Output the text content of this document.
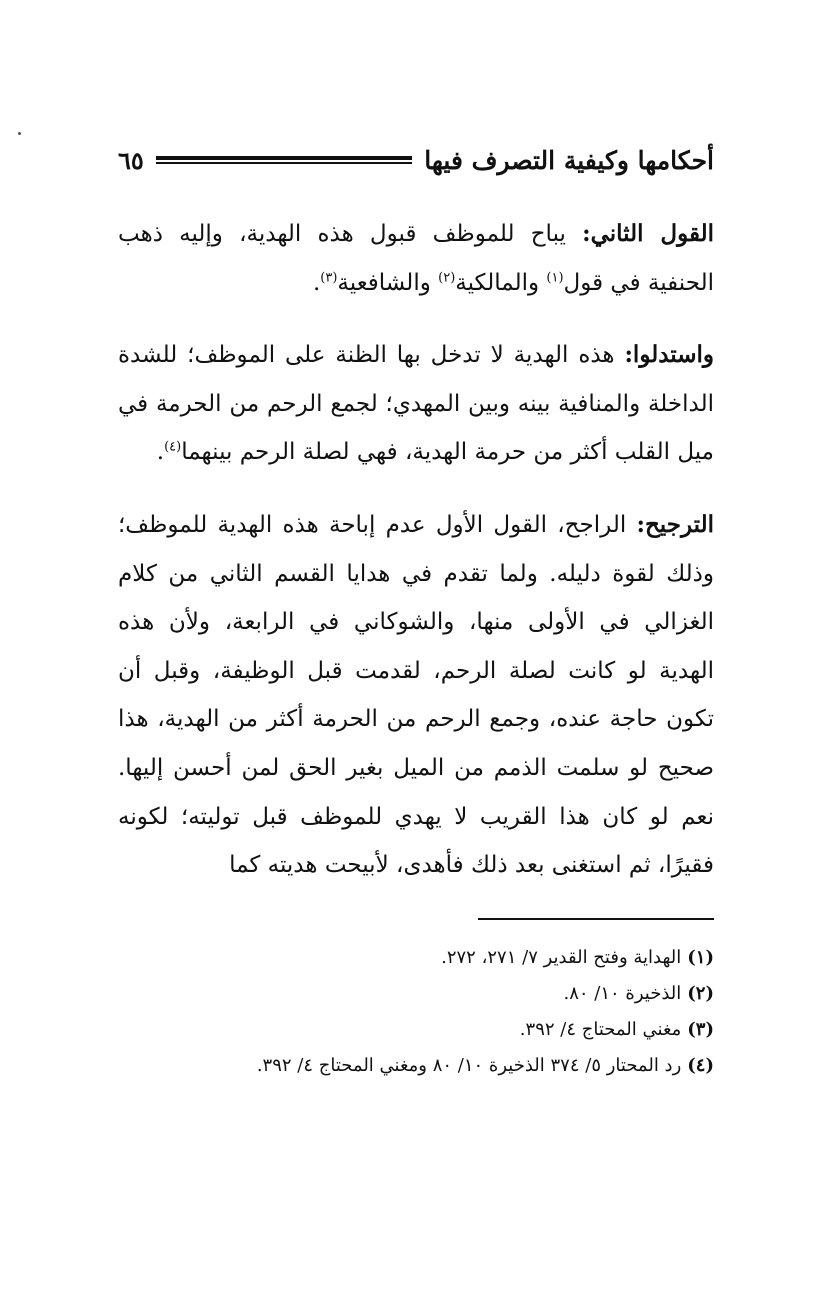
أحكامها وكيفية التصرف فيها
٦٥

القول الثاني: يباح للموظف قبول هذه الهدية، وإليه ذهب الحنفية في قول$^{(١)}$ والمالكية$^{(٢)}$ والشافعية$^{(٣)}$.

واستدلوا: هذه الهدية لا تدخل بها الظنة على الموظف؛ للشدة الداخلة والمنافية بينه وبين المهدي؛ لجمع الرحم من الحرمة في ميل القلب أكثر من حرمة الهدية، فهي لصلة الرحم بينهما$^{(٤)}$.

الترجيح: الراجح، القول الأول عدم إباحة هذه الهدية للموظف؛ وذلك لقوة دليله. ولما تقدم في هدايا القسم الثاني من كلام الغزالي في الأولى منها، والشوكاني في الرابعة، ولأن هذه الهدية لو كانت لصلة الرحم، لقدمت قبل الوظيفة، وقبل أن تكون حاجة عنده، وجمع الرحم من الحرمة أكثر من الهدية، هذا صحيح لو سلمت الذمم من الميل بغير الحق لمن أحسن إليها. نعم لو كان هذا القريب لا يهدي للموظف قبل توليته؛ لكونه فقيرًا، ثم استغنى بعد ذلك فأهدى، لأبيحت هديته كما

(١)الهداية وفتح القدير ٧/ ٢٧١، ٢٧٢.
(٢)الذخيرة ١٠/ ٨٠.
(٣)مغني المحتاج ٤/ ٣٩٢.
(٤)رد المحتار ٥/ ٣٧٤ الذخيرة ١٠/ ٨٠ ومغني المحتاج ٤/ ٣٩٢.
